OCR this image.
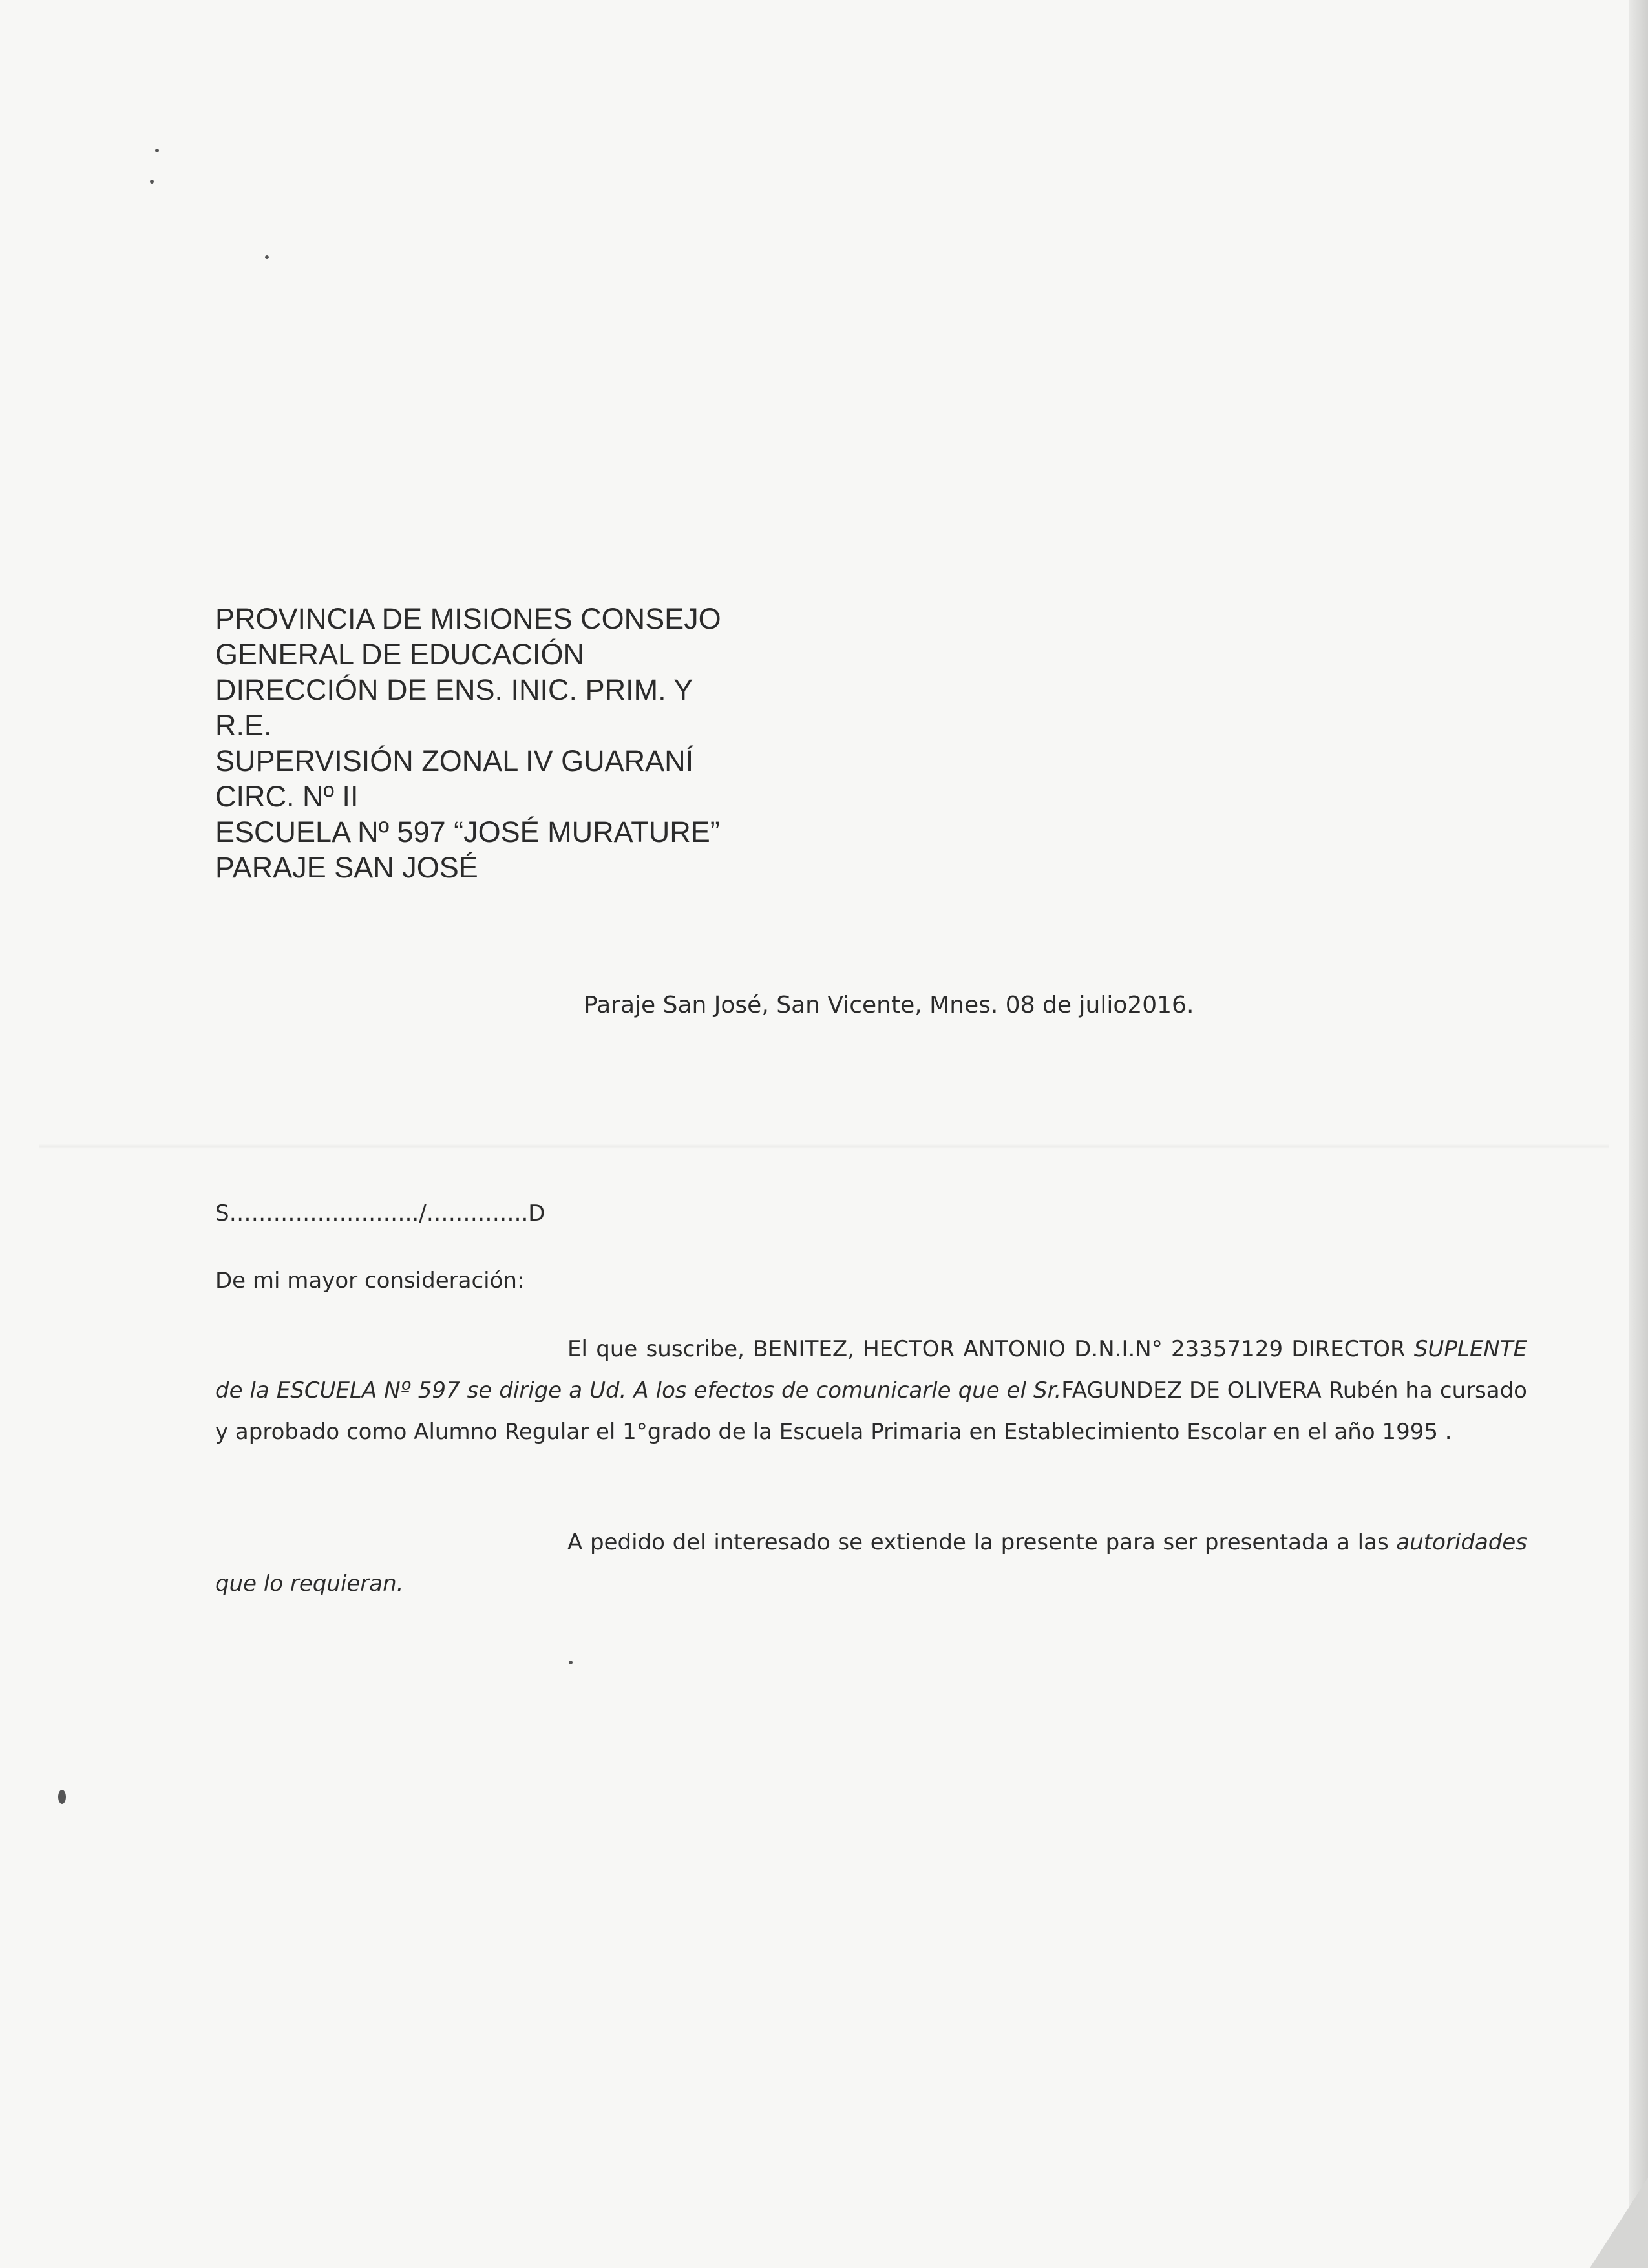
PROVINCIA DE MISIONES CONSEJO
GENERAL DE EDUCACIÓN
DIRECCIÓN DE ENS. INIC. PRIM. Y
R.E.
SUPERVISIÓN ZONAL IV GUARANÍ
CIRC. Nº II
ESCUELA Nº 597 “JOSÉ MURATURE”
PARAJE SAN JOSÉ
Paraje San José, San Vicente, Mnes. 08 de julio2016.
S……………………../…………..D
De mi mayor consideración:
El que suscribe, BENITEZ, HECTOR ANTONIO D.N.I.N° 23357129 DIRECTOR SUPLENTE de la ESCUELA Nº 597 se dirige a Ud. A los efectos de comunicarle que el Sr.FAGUNDEZ DE OLIVERA Rubén ha cursado y aprobado como Alumno Regular el 1°grado de la Escuela Primaria en Establecimiento Escolar en el año 1995 .
A pedido del interesado se extiende la presente para ser presentada a las autoridades que lo requieran.
